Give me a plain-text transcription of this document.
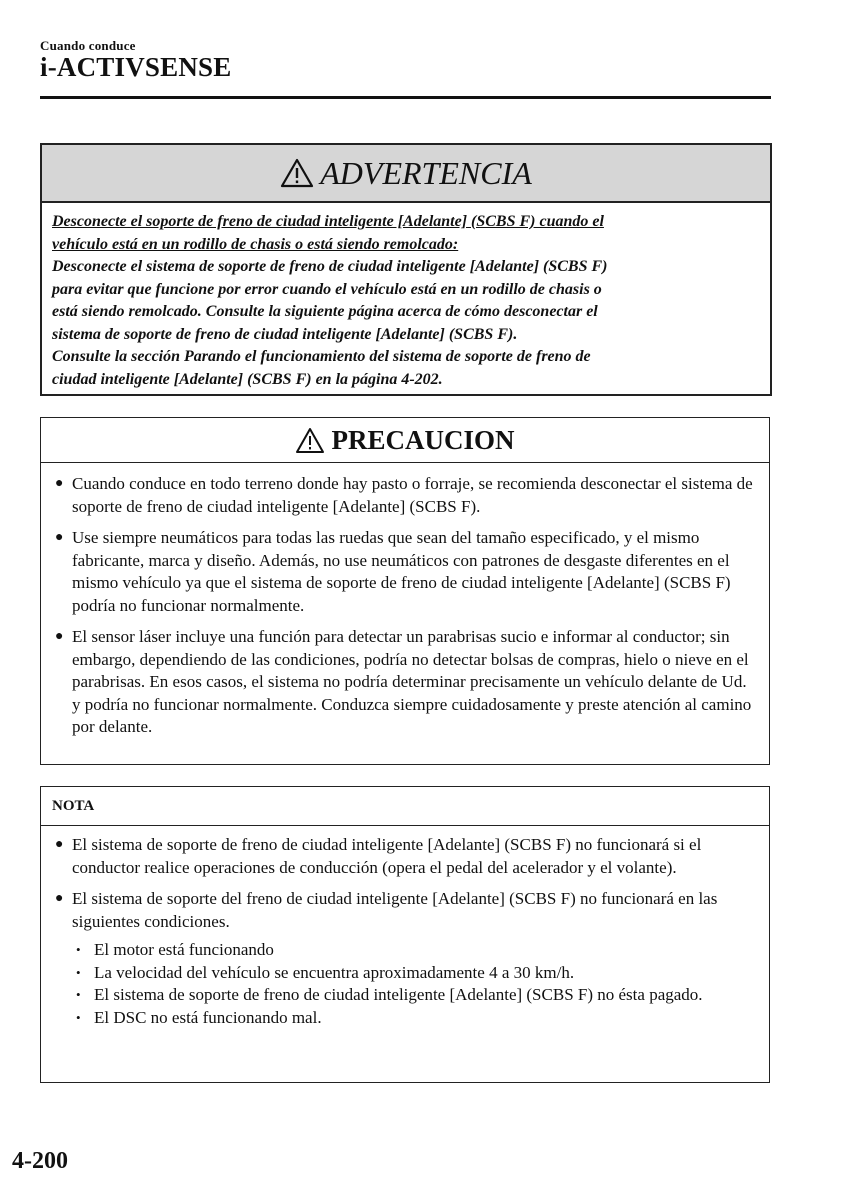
Cuando conduce
i-ACTIVSENSE
ADVERTENCIA
Desconecte el soporte de freno de ciudad inteligente [Adelante] (SCBS F) cuando el
vehículo está en un rodillo de chasis o está siendo remolcado:
Desconecte el sistema de soporte de freno de ciudad inteligente [Adelante] (SCBS F)
para evitar que funcione por error cuando el vehículo está en un rodillo de chasis o
está siendo remolcado. Consulte la siguiente página acerca de cómo desconectar el
sistema de soporte de freno de ciudad inteligente [Adelante] (SCBS F).
Consulte la sección Parando el funcionamiento del sistema de soporte de freno de
ciudad inteligente [Adelante] (SCBS F) en la página 4-202.
PRECAUCION
● Cuando conduce en todo terreno donde hay pasto o forraje, se recomienda desconectar el sistema de soporte de freno de ciudad inteligente [Adelante] (SCBS F).
● Use siempre neumáticos para todas las ruedas que sean del tamaño especificado, y el mismo fabricante, marca y diseño. Además, no use neumáticos con patrones de desgaste diferentes en el mismo vehículo ya que el sistema de soporte de freno de ciudad inteligente [Adelante] (SCBS F) podría no funcionar normalmente.
● El sensor láser incluye una función para detectar un parabrisas sucio e informar al conductor; sin embargo, dependiendo de las condiciones, podría no detectar bolsas de compras, hielo o nieve en el parabrisas. En esos casos, el sistema no podría determinar precisamente un vehículo delante de Ud. y podría no funcionar normalmente. Conduzca siempre cuidadosamente y preste atención al camino por delante.
NOTA
● El sistema de soporte de freno de ciudad inteligente [Adelante] (SCBS F) no funcionará si el conductor realice operaciones de conducción (opera el pedal del acelerador y el volante).
● El sistema de soporte del freno de ciudad inteligente [Adelante] (SCBS F) no funcionará en las siguientes condiciones.
• El motor está funcionando
• La velocidad del vehículo se encuentra aproximadamente 4 a 30 km/h.
• El sistema de soporte de freno de ciudad inteligente [Adelante] (SCBS F) no ésta pagado.
• El DSC no está funcionando mal.
4-200
